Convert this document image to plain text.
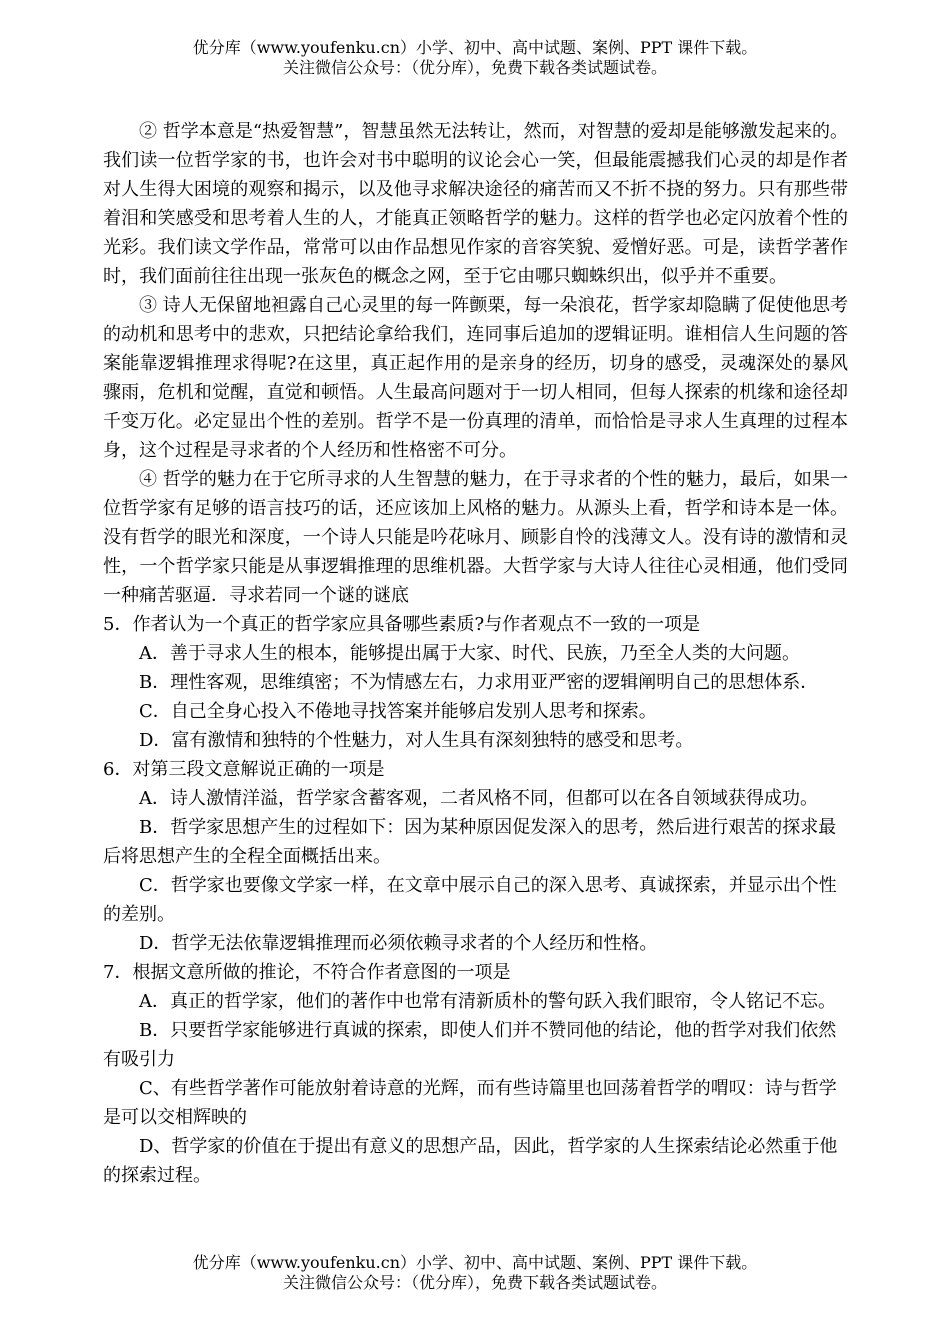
优分库（www.youfenku.cn）小学、初中、高中试题、案例、PPT 课件下载。
关注微信公众号：（优分库），免费下载各类试题试卷。

② 哲学本意是“热爱智慧”，智慧虽然无法转让，然而，对智慧的爱却是能够激发起来的。我们读一位哲学家的书，也许会对书中聪明的议论会心一笑，但最能震撼我们心灵的却是作者对人生得大困境的观察和揭示，以及他寻求解决途径的痛苦而又不折不挠的努力。只有那些带着泪和笑感受和思考着人生的人，才能真正领略哲学的魅力。这样的哲学也必定闪放着个性的光彩。我们读文学作品，常常可以由作品想见作家的音容笑貌、爱憎好恶。可是，读哲学著作时，我们面前往往出现一张灰色的概念之网，至于它由哪只蜘蛛织出，似乎并不重要。

③ 诗人无保留地袒露自己心灵里的每一阵颤栗，每一朵浪花，哲学家却隐瞒了促使他思考的动机和思考中的悲欢，只把结论拿给我们，连同事后追加的逻辑证明。谁相信人生问题的答案能靠逻辑推理求得呢?在这里，真正起作用的是亲身的经历，切身的感受，灵魂深处的暴风骤雨，危机和觉醒，直觉和顿悟。人生最高问题对于一切人相同，但每人探索的机缘和途径却千变万化。必定显出个性的差别。哲学不是一份真理的清单，而恰恰是寻求人生真理的过程本身，这个过程是寻求者的个人经历和性格密不可分。

④ 哲学的魅力在于它所寻求的人生智慧的魅力，在于寻求者的个性的魅力，最后，如果一位哲学家有足够的语言技巧的话，还应该加上风格的魅力。从源头上看，哲学和诗本是一体。没有哲学的眼光和深度，一个诗人只能是吟花咏月、顾影自怜的浅薄文人。没有诗的激情和灵性，一个哲学家只能是从事逻辑推理的思维机器。大哲学家与大诗人往往心灵相通，他们受同一种痛苦驱逼．寻求若同一个谜的谜底

5．作者认为一个真正的哲学家应具备哪些素质?与作者观点不一致的一项是

A．善于寻求人生的根本，能够提出属于大家、时代、民族，乃至全人类的大问题。

B．理性客观，思维缜密；不为情感左右，力求用亚严密的逻辑阐明自己的思想体系．

C．自己全身心投入不倦地寻找答案并能够启发别人思考和探索。

D．富有激情和独特的个性魅力，对人生具有深刻独特的感受和思考。

6．对第三段文意解说正确的一项是

A．诗人激情洋溢，哲学家含蓄客观，二者风格不同，但都可以在各自领域获得成功。

B．哲学家思想产生的过程如下：因为某种原因促发深入的思考，然后进行艰苦的探求最后将思想产生的全程全面概括出来。

C．哲学家也要像文学家一样，在文章中展示自己的深入思考、真诚探索，并显示出个性的差别。

D．哲学无法依靠逻辑推理而必须依赖寻求者的个人经历和性格。

7．根据文意所做的推论，不符合作者意图的一项是

A．真正的哲学家，他们的著作中也常有清新质朴的警句跃入我们眼帘，令人铭记不忘。

B．只要哲学家能够进行真诚的探索，即使人们并不赞同他的结论，他的哲学对我们依然有吸引力

C、有些哲学著作可能放射着诗意的光辉，而有些诗篇里也回荡着哲学的喟叹：诗与哲学是可以交相辉映的

D、哲学家的价值在于提出有意义的思想产品，因此，哲学家的人生探索结论必然重于他的探索过程。

优分库（www.youfenku.cn）小学、初中、高中试题、案例、PPT 课件下载。
关注微信公众号：（优分库），免费下载各类试题试卷。
